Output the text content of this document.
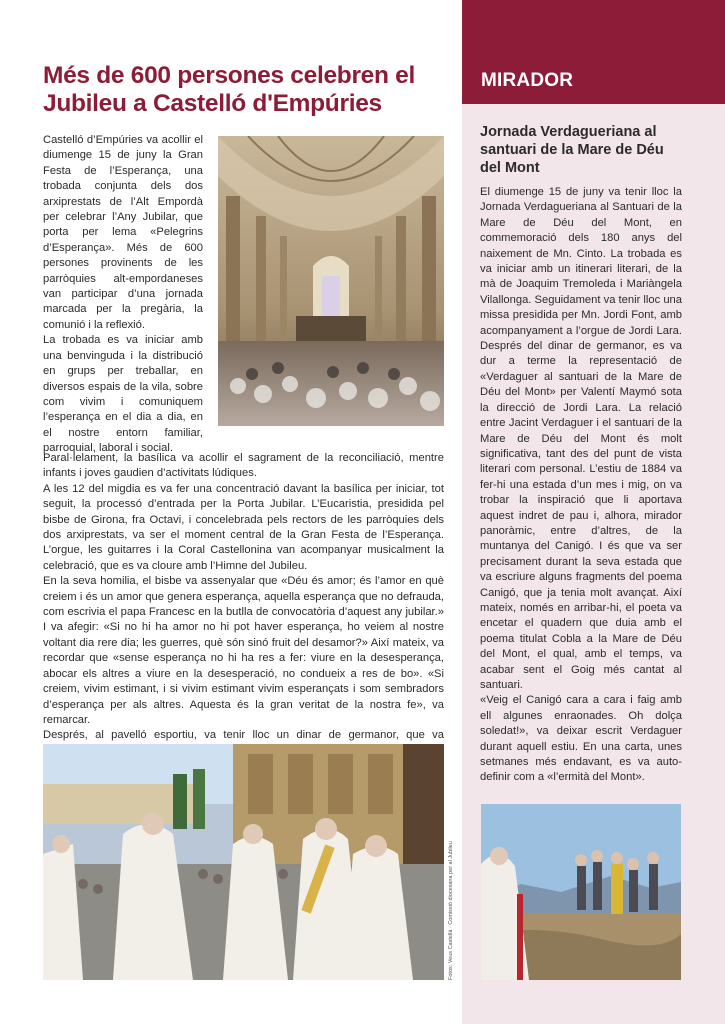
Més de 600 persones celebren el Jubileu a Castelló d'Empúries

Castelló d’Empúries va acollir el diumenge 15 de juny la Gran Festa de l’Esperança, una trobada conjunta dels dos arxiprestats de l’Alt Empordà per celebrar l’Any Jubilar, que porta per lema «Pelegrins d’Esperança». Més de 600 persones provinents de les parròquies alt-empordaneses van participar d’una jornada marcada per la pregària, la comunió i la reflexió.

La trobada es va iniciar amb una benvinguda i la distribució en grups per treballar, en diversos espais de la vila, sobre com vivim i comuniquem l’esperança en el dia a dia, en el nostre entorn familiar, parroquial, laboral i social.

Paral·lelament, la basílica va acollir el sagrament de la reconciliació, mentre infants i joves gaudien d’activitats lúdiques.

A les 12 del migdia es va fer una concentració davant la basílica per iniciar, tot seguit, la processó d’entrada per la Porta Jubilar. L’Eucaristia, presidida pel bisbe de Girona, fra Octavi, i concelebrada pels rectors de les parròquies dels dos arxiprestats, va ser el moment central de la Gran Festa de l’Esperança. L’orgue, les guitarres i la Coral Castellonina van acompanyar musicalment la celebració, que es va cloure amb l’Himne del Jubileu.

En la seva homilia, el bisbe va assenyalar que «Déu és amor; és l’amor en què creiem i és un amor que genera esperança, aquella esperança que no defrauda, com escrivia el papa Francesc en la butlla de convocatòria d’aquest any jubilar.» I va afegir: «Si no hi ha amor no hi pot haver esperança, ho veiem al nostre voltant dia rere dia; les guerres, què són sinó fruit del desamor?» Així mateix, va recordar que «sense esperança no hi ha res a fer: viure en la desesperança, abocar els altres a viure en la desesperació, no condueix a res de bo». «Si creiem, vivim estimant, i si vivim estimant vivim esperançats i som sembradors d’esperança per als altres. Aquesta és la gran veritat de la nostra fe», va remarcar.

Després, al pavelló esportiu, va tenir lloc un dinar de germanor, que va

Fotos: Veus Castellà · Comissió diocesana per al Jubileu
MIRADOR
Jornada Verdagueriana al santuari de la Mare de Déu del Mont

El diumenge 15 de juny va tenir lloc la Jornada Verdagueriana al Santuari de la Mare de Déu del Mont, en commemoració dels 180 anys del naixement de Mn. Cinto. La trobada es va iniciar amb un itinerari literari, de la mà de Joaquim Tremoleda i Mariàngela Vilallonga. Seguidament va tenir lloc una missa presidida per Mn. Jordi Font, amb acompanyament a l’orgue de Jordi Lara. Després del dinar de germanor, es va dur a terme la representació de «Verdaguer al santuari de la Mare de Déu del Mont» per Valentí Maymó sota la direcció de Jordi Lara. La relació entre Jacint Verdaguer i el santuari de la Mare de Déu del Mont és molt significativa, tant des del punt de vista literari com personal. L’estiu de 1884 va fer-hi una estada d’un mes i mig, on va trobar la inspiració que li aportava aquest indret de pau i, alhora, mirador panoràmic, entre d’altres, de la muntanya del Canigó. I és que va ser precisament durant la seva estada que va escriure alguns fragments del poema Canigó, que ja tenia molt avançat. Així mateix, només en arribar-hi, el poeta va encetar el quadern que duia amb el poema titulat Cobla a la Mare de Déu del Mont, el qual, amb el temps, va acabar sent el Goig més cantat al santuari.

«Veig el Canigó cara a cara i faig amb ell algunes enraonades. Oh dolça soledat!», va deixar escrit Verdaguer durant aquell estiu. En una carta, unes setmanes més endavant, es va auto-definir com a «l’ermità del Mont».
